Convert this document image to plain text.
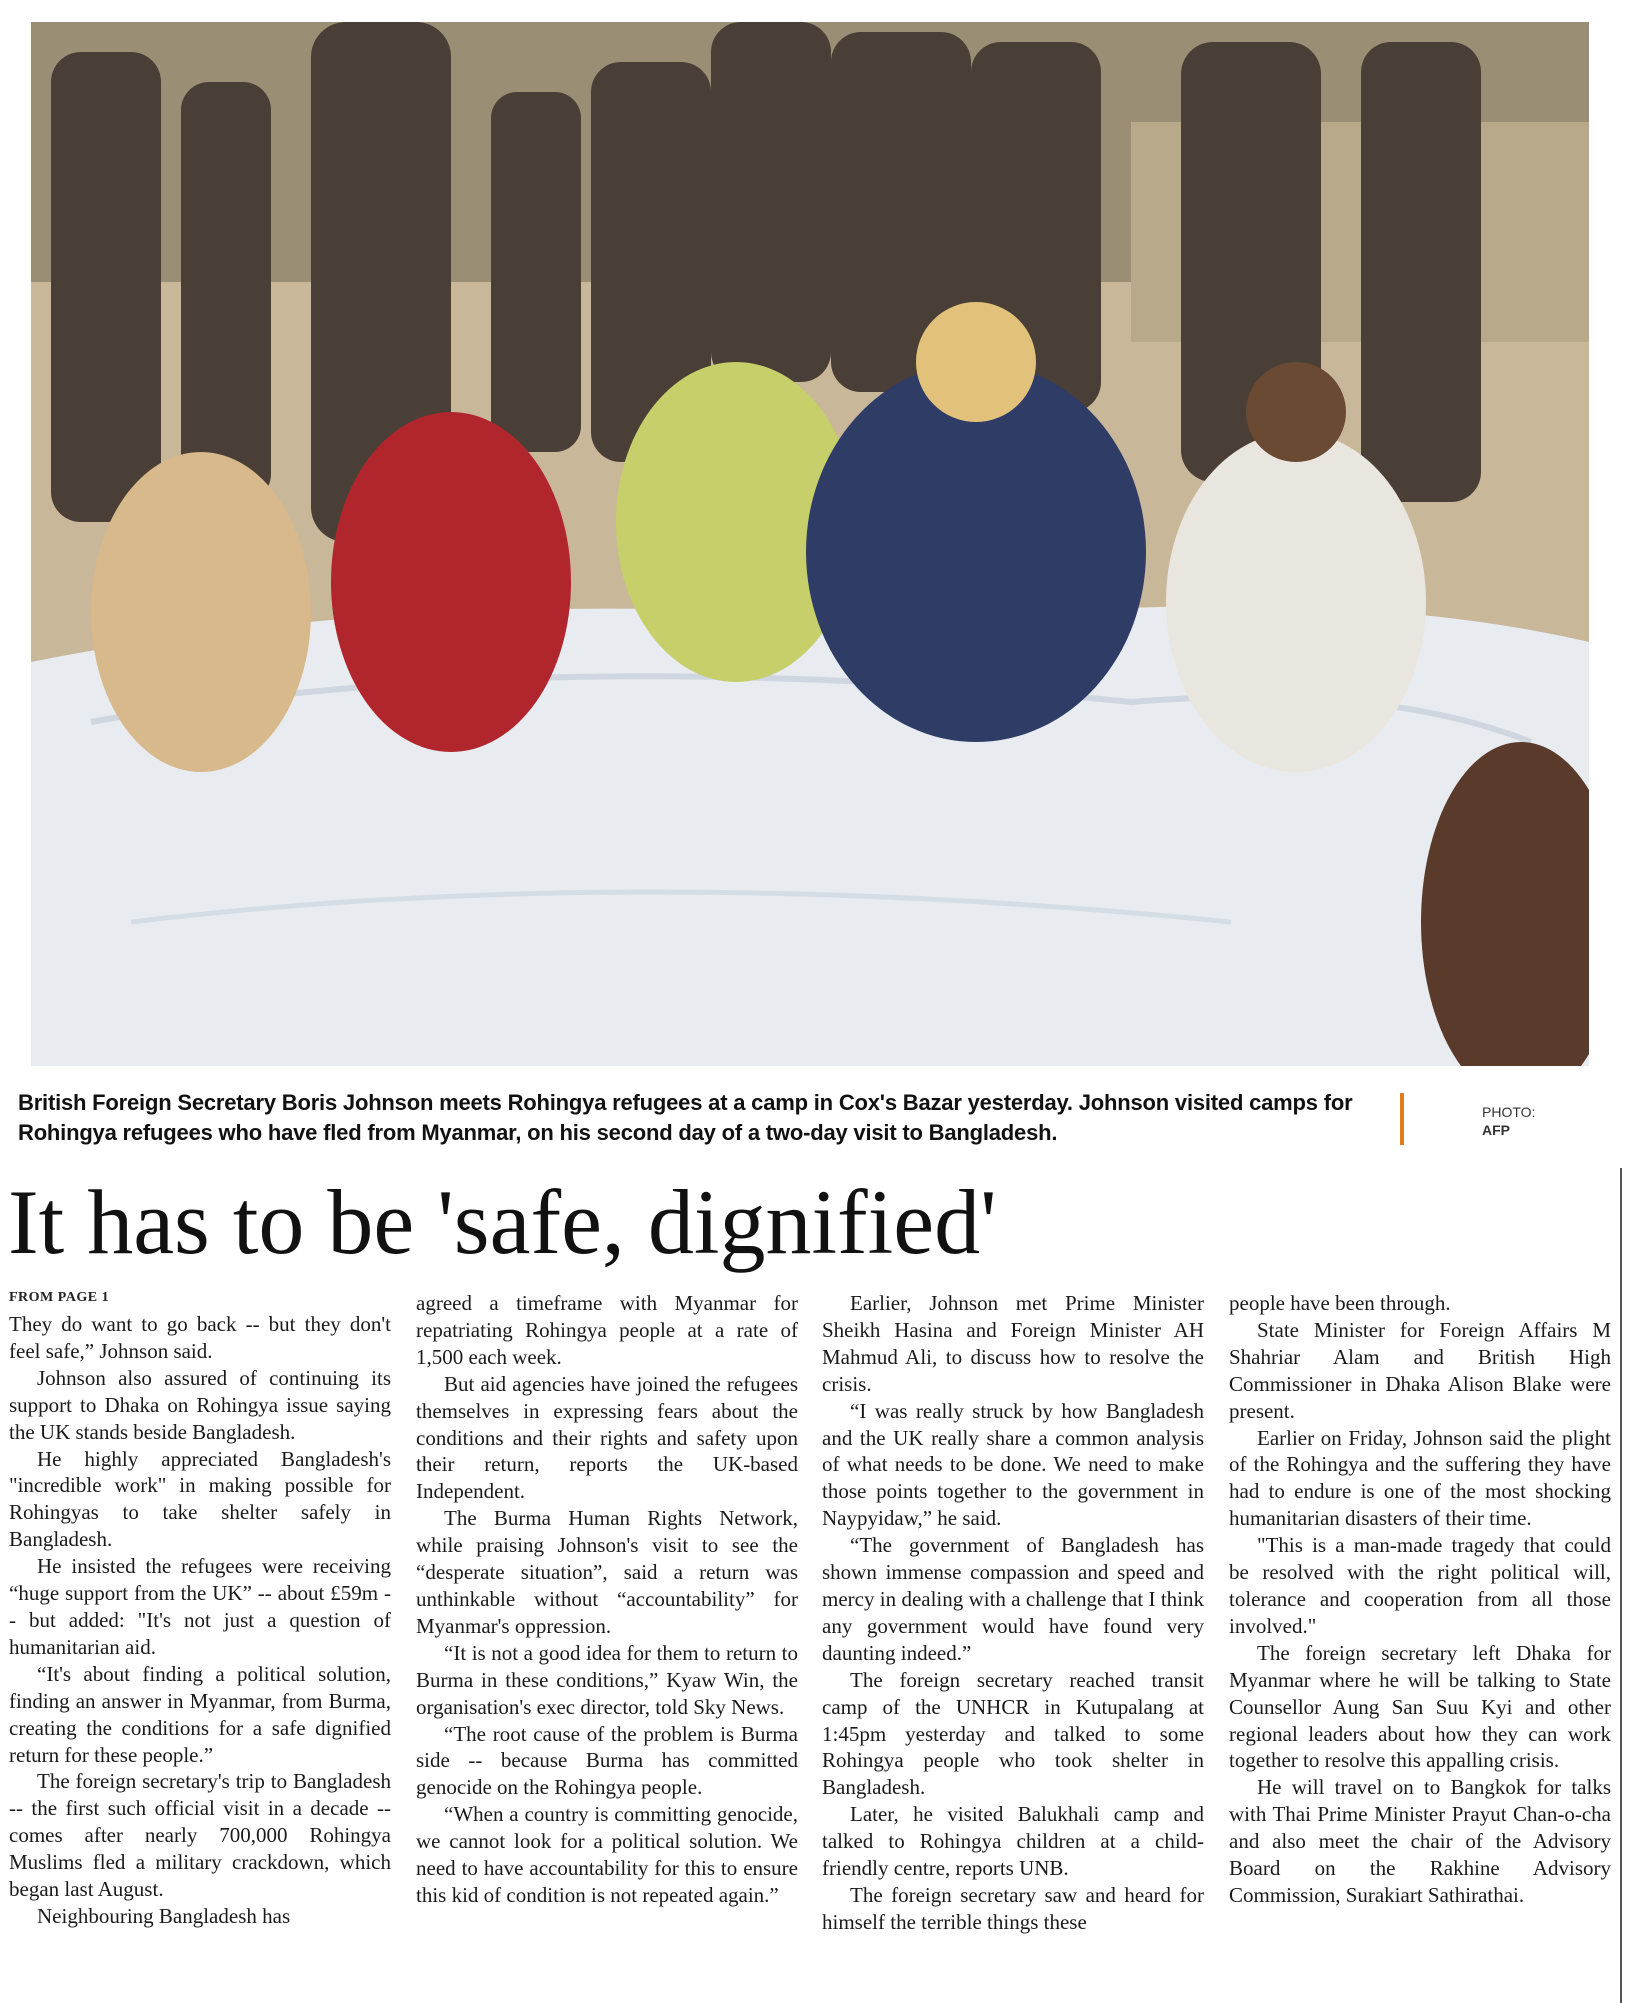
British Foreign Secretary Boris Johnson meets Rohingya refugees at a camp in Cox's Bazar yesterday. Johnson visited camps for Rohingya refugees who have fled from Myanmar, on his second day of a two-day visit to Bangladesh.
PHOTO:
AFP
It has to be 'safe, dignified'
FROM PAGE 1

They do want to go back -- but they don't feel safe,” Johnson said.

Johnson also assured of continuing its support to Dhaka on Rohingya issue saying the UK stands beside Bangladesh.

He highly appreciated Bangladesh's "incredible work" in making possible for Rohingyas to take shelter safely in Bangladesh.

He insisted the refugees were receiving “huge support from the UK” -- about £59m -- but added: "It's not just a question of humanitarian aid.

“It's about finding a political solution, finding an answer in Myanmar, from Burma, creating the conditions for a safe dignified return for these people.”

The foreign secretary's trip to Bangladesh -- the first such official visit in a decade -- comes after nearly 700,000 Rohingya Muslims fled a military crackdown, which began last August.

Neighbouring Bangladesh has

agreed a timeframe with Myanmar for repatriating Rohingya people at a rate of 1,500 each week.

But aid agencies have joined the refugees themselves in expressing fears about the conditions and their rights and safety upon their return, reports the UK-based Independent.

The Burma Human Rights Network, while praising Johnson's visit to see the “desperate situation”, said a return was unthinkable without “accountability” for Myanmar's oppression.

“It is not a good idea for them to return to Burma in these conditions,” Kyaw Win, the organisation's exec director, told Sky News.

“The root cause of the problem is Burma side -- because Burma has committed genocide on the Rohingya people.

“When a country is committing genocide, we cannot look for a political solution. We need to have accountability for this to ensure this kid of condition is not repeated again.”

Earlier, Johnson met Prime Minister Sheikh Hasina and Foreign Minister AH Mahmud Ali, to discuss how to resolve the crisis.

“I was really struck by how Bangladesh and the UK really share a common analysis of what needs to be done. We need to make those points together to the government in Naypyidaw,” he said.

“The government of Bangladesh has shown immense compassion and speed and mercy in dealing with a challenge that I think any government would have found very daunting indeed.”

The foreign secretary reached transit camp of the UNHCR in Kutupalang at 1:45pm yesterday and talked to some Rohingya people who took shelter in Bangladesh.

Later, he visited Balukhali camp and talked to Rohingya children at a child-friendly centre, reports UNB.

The foreign secretary saw and heard for himself the terrible things these

people have been through.

State Minister for Foreign Affairs M Shahriar Alam and British High Commissioner in Dhaka Alison Blake were present.

Earlier on Friday, Johnson said the plight of the Rohingya and the suffering they have had to endure is one of the most shocking humanitarian disasters of their time.

"This is a man-made tragedy that could be resolved with the right political will, tolerance and cooperation from all those involved."

The foreign secretary left Dhaka for Myanmar where he will be talking to State Counsellor Aung San Suu Kyi and other regional leaders about how they can work together to resolve this appalling crisis.

He will travel on to Bangkok for talks with Thai Prime Minister Prayut Chan-o-cha and also meet the chair of the Advisory Board on the Rakhine Advisory Commission, Surakiart Sathirathai.
